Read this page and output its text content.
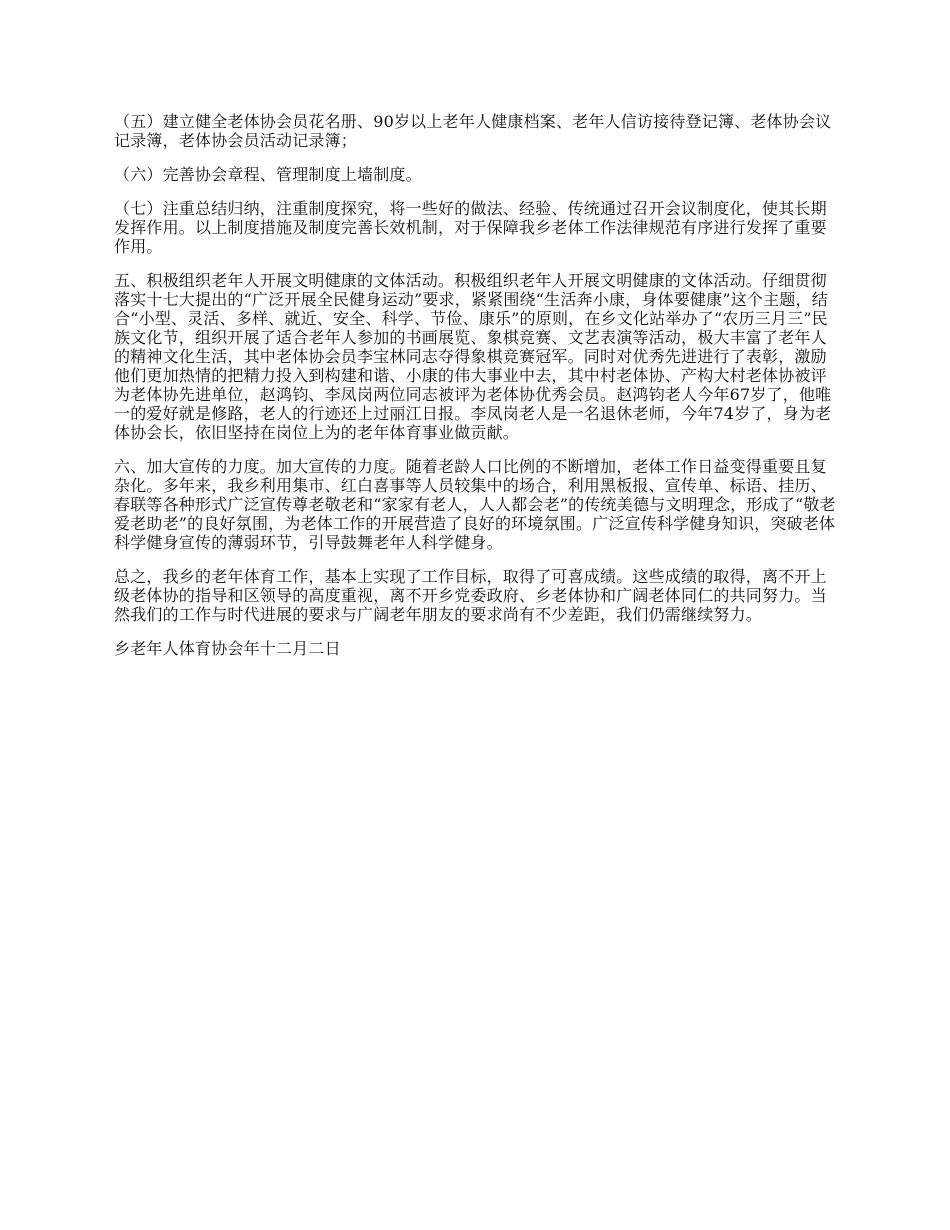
（五）建立健全老体协会员花名册、90岁以上老年人健康档案、老年人信访接待登记簿、老体协会议记录簿，老体协会员活动记录簿；

（六）完善协会章程、管理制度上墙制度。

（七）注重总结归纳，注重制度探究，将一些好的做法、经验、传统通过召开会议制度化，使其长期发挥作用。以上制度措施及制度完善长效机制，对于保障我乡老体工作法律规范有序进行发挥了重要作用。

五、积极组织老年人开展文明健康的文体活动。积极组织老年人开展文明健康的文体活动。仔细贯彻落实十七大提出的“广泛开展全民健身运动”要求，紧紧围绕“生活奔小康，身体要健康”这个主题，结合“小型、灵活、多样、就近、安全、科学、节俭、康乐”的原则，在乡文化站举办了“农历三月三”民族文化节，组织开展了适合老年人参加的书画展览、象棋竞赛、文艺表演等活动，极大丰富了老年人的精神文化生活，其中老体协会员李宝林同志夺得象棋竞赛冠军。同时对优秀先进进行了表彰，激励他们更加热情的把精力投入到构建和谐、小康的伟大事业中去，其中村老体协、产构大村老体协被评为老体协先进单位，赵鸿钧、李凤岗两位同志被评为老体协优秀会员。赵鸿钧老人今年67岁了，他唯一的爱好就是修路，老人的行迹还上过丽江日报。李凤岗老人是一名退休老师，今年74岁了，身为老体协会长，依旧坚持在岗位上为的老年体育事业做贡献。

六、加大宣传的力度。加大宣传的力度。随着老龄人口比例的不断增加，老体工作日益变得重要且复 杂化。多年来，我乡利用集市、红白喜事等人员较集中的场合，利用黑板报、宣传单、标语、挂历、春联等各种形式广泛宣传尊老敬老和“家家有老人，人人都会老”的传统美德与文明理念，形成了“敬老爱老助老”的良好氛围，为老体工作的开展营造了良好的环境氛围。广泛宣传科学健身知识，突破老体科学健身宣传的薄弱环节，引导鼓舞老年人科学健身。

总之，我乡的老年体育工作，基本上实现了工作目标，取得了可喜成绩。这些成绩的取得，离不开上级老体协的指导和区领导的高度重视，离不开乡党委政府、乡老体协和广阔老体同仁的共同努力。当然我们的工作与时代进展的要求与广阔老年朋友的要求尚有不少差距，我们仍需继续努力。

乡老年人体育协会年十二月二日
